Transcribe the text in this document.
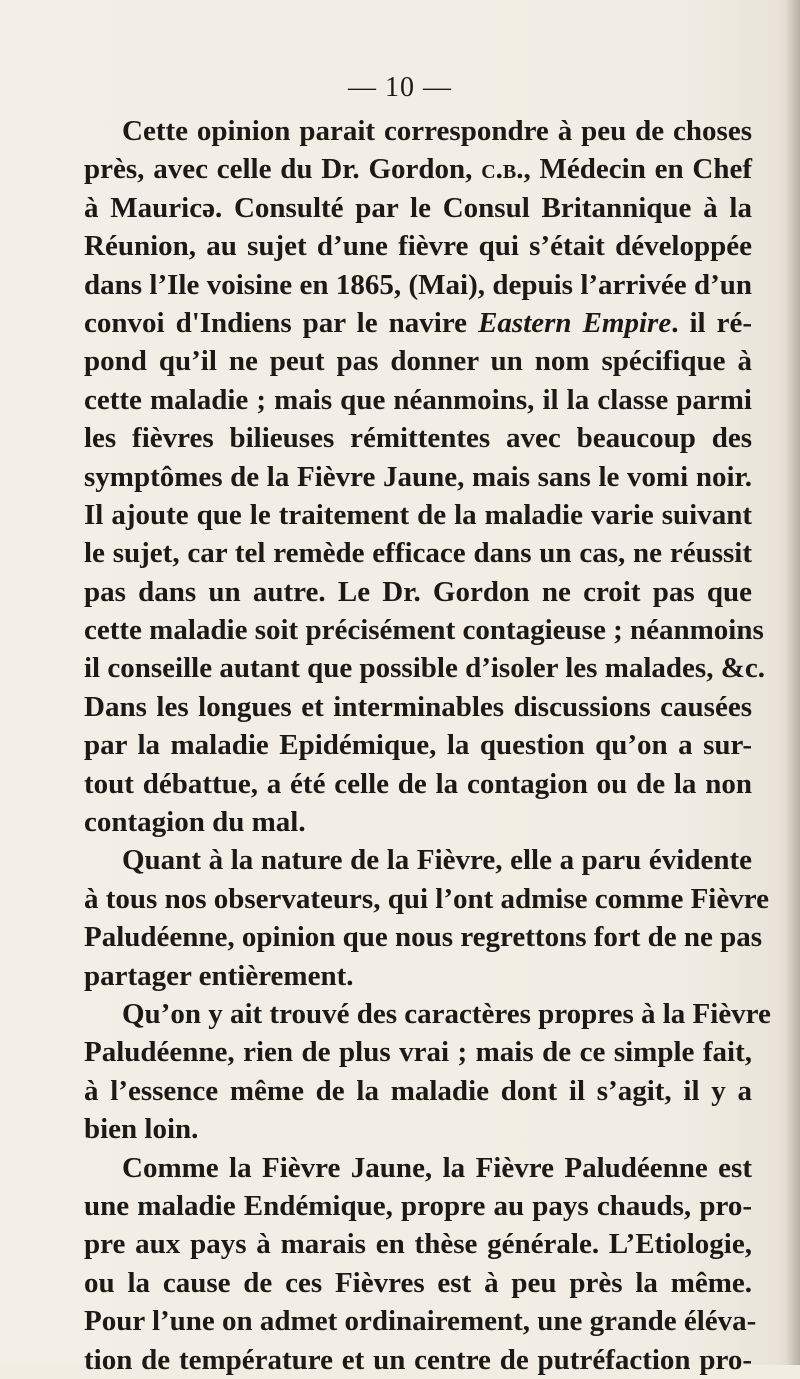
— 10 —
Cette opinion parait correspondre à peu de choses
près, avec celle du Dr. Gordon, c.b., Médecin en Chef
à Mauricə. Consulté par le Consul Britannique à la
Réunion, au sujet d’une fièvre qui s’était développée
dans l’Ile voisine en 1865, (Mai), depuis l’arrivée d’un
convoi d'Indiens par le navire Eastern Empire. il ré-
pond qu’il ne peut pas donner un nom spécifique à
cette maladie ; mais que néanmoins, il la classe parmi
les fièvres bilieuses rémittentes avec beaucoup des
symptômes de la Fièvre Jaune, mais sans le vomi noir.
Il ajoute que le traitement de la maladie varie suivant
le sujet, car tel remède efficace dans un cas, ne réussit
pas dans un autre. Le Dr. Gordon ne croit pas que
cette maladie soit précisément contagieuse ; néanmoins
il conseille autant que possible d’isoler les malades, &c.
Dans les longues et interminables discussions causées
par la maladie Epidémique, la question qu’on a sur-
tout débattue, a été celle de la contagion ou de la non
contagion du mal.
Quant à la nature de la Fièvre, elle a paru évidente
à tous nos observateurs, qui l’ont admise comme Fièvre
Paludéenne, opinion que nous regrettons fort de ne pas
partager entièrement.
Qu’on y ait trouvé des caractères propres à la Fièvre
Paludéenne, rien de plus vrai ; mais de ce simple fait,
à l’essence même de la maladie dont il s’agit, il y a
bien loin.
Comme la Fièvre Jaune, la Fièvre Paludéenne est
une maladie Endémique, propre au pays chauds, pro-
pre aux pays à marais en thèse générale. L’Etiologie,
ou la cause de ces Fièvres est à peu près la même.
Pour l’une on admet ordinairement, une grande éléva-
tion de température et un centre de putréfaction pro-
